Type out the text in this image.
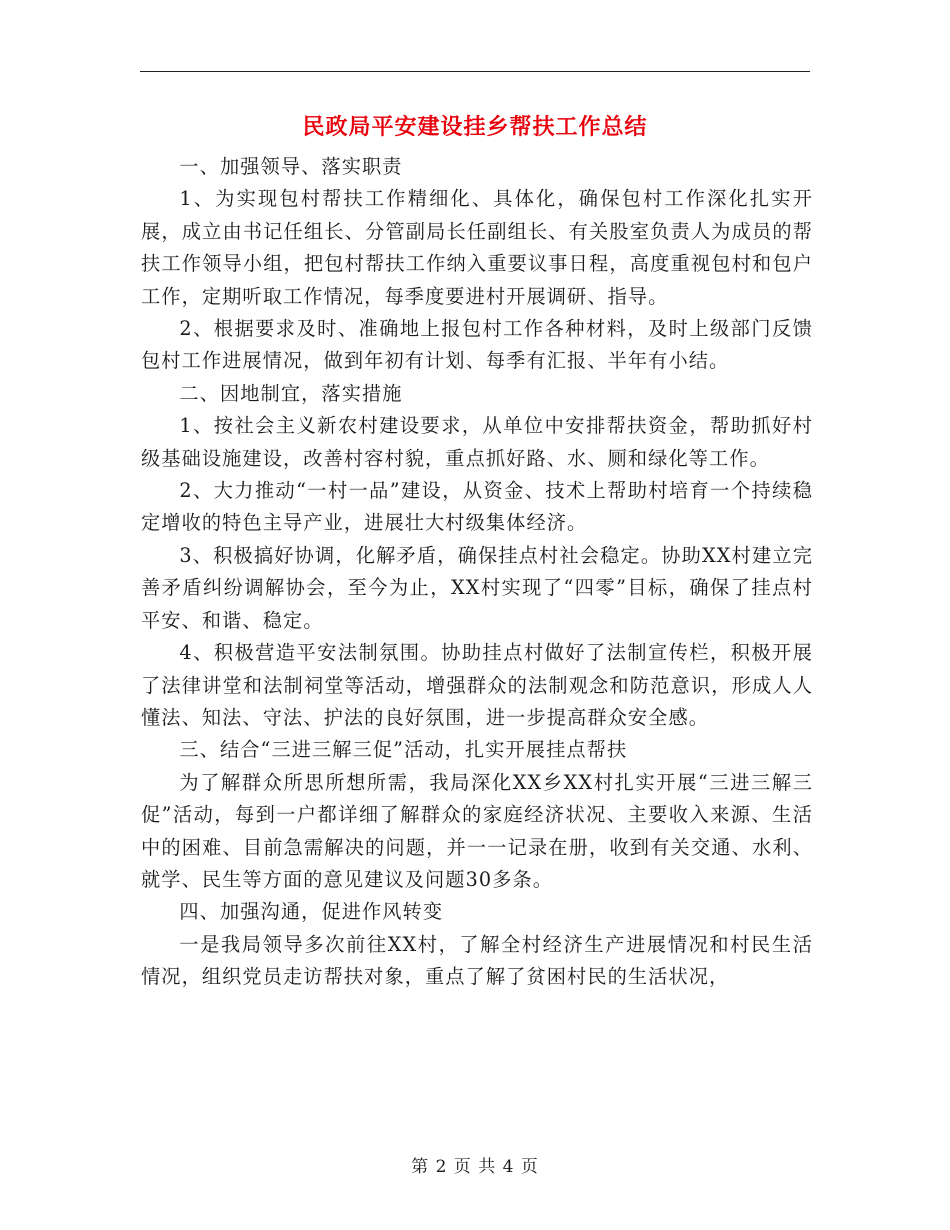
民政局平安建设挂乡帮扶工作总结

一、加强领导、落实职责

1、为实现包村帮扶工作精细化、具体化，确保包村工作深化扎实开展，成立由书记任组长、分管副局长任副组长、有关股室负责人为成员的帮扶工作领导小组，把包村帮扶工作纳入重要议事日程，高度重视包村和包户工作，定期听取工作情况，每季度要进村开展调研、指导。

2、根据要求及时、准确地上报包村工作各种材料，及时上级部门反馈包村工作进展情况，做到年初有计划、每季有汇报、半年有小结。

二、因地制宜，落实措施

1、按社会主义新农村建设要求，从单位中安排帮扶资金，帮助抓好村级基础设施建设，改善村容村貌，重点抓好路、水、厕和绿化等工作。

2、大力推动“一村一品”建设，从资金、技术上帮助村培育一个持续稳定增收的特色主导产业，进展壮大村级集体经济。

3、积极搞好协调，化解矛盾，确保挂点村社会稳定。协助XX村建立完善矛盾纠纷调解协会，至今为止，XX村实现了“四零”目标，确保了挂点村平安、和谐、稳定。

4、积极营造平安法制氛围。协助挂点村做好了法制宣传栏，积极开展了法律讲堂和法制祠堂等活动，增强群众的法制观念和防范意识，形成人人懂法、知法、守法、护法的良好氛围，进一步提高群众安全感。

三、结合“三进三解三促”活动，扎实开展挂点帮扶

为了解群众所思所想所需，我局深化XX乡XX村扎实开展“三进三解三促”活动，每到一户都详细了解群众的家庭经济状况、主要收入来源、生活中的困难、目前急需解决的问题，并一一记录在册，收到有关交通、水利、就学、民生等方面的意见建议及问题30多条。

四、加强沟通，促进作风转变

一是我局领导多次前往XX村，了解全村经济生产进展情况和村民生活情况，组织党员走访帮扶对象，重点了解了贫困村民的生活状况，

第 2 页 共 4 页
